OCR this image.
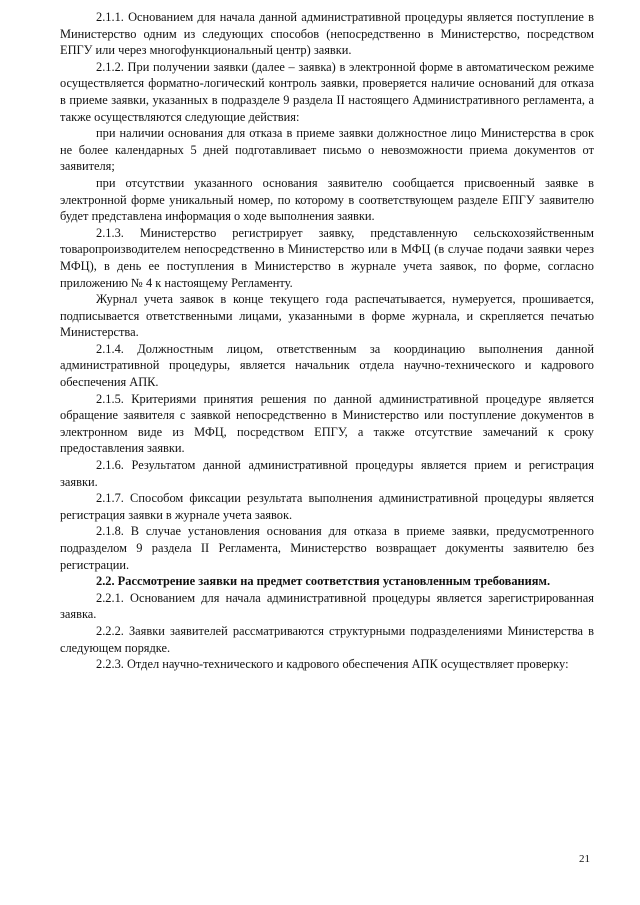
2.1.1. Основанием для начала данной административной процедуры является поступление в Министерство одним из следующих способов (непосредственно в Министерство, посредством ЕПГУ или через многофункциональный центр) заявки.

2.1.2. При получении заявки (далее – заявка) в электронной форме в автоматическом режиме осуществляется форматно-логический контроль заявки, проверяется наличие оснований для отказа в приеме заявки, указанных в подразделе 9 раздела II настоящего Административного регламента, а также осуществляются следующие действия:

при наличии основания для отказа в приеме заявки должностное лицо Министерства в срок не более календарных 5 дней подготавливает письмо о невозможности приема документов от заявителя;

при отсутствии указанного основания заявителю сообщается присвоенный заявке в электронной форме уникальный номер, по которому в соответствующем разделе ЕПГУ заявителю будет представлена информация о ходе выполнения заявки.

2.1.3. Министерство регистрирует заявку, представленную сельскохозяйственным товаропроизводителем непосредственно в Министерство или в МФЦ (в случае подачи заявки через МФЦ), в день ее поступления в Министерство в журнале учета заявок, по форме, согласно приложению № 4 к настоящему Регламенту.

Журнал учета заявок в конце текущего года распечатывается, нумеруется, прошивается, подписывается ответственными лицами, указанными в форме журнала, и скрепляется печатью Министерства.

2.1.4. Должностным лицом, ответственным за координацию выполнения данной административной процедуры, является начальник отдела научно-технического и кадрового обеспечения АПК.

2.1.5. Критериями принятия решения по данной административной процедуре является обращение заявителя с заявкой непосредственно в Министерство или поступление документов в электронном виде из МФЦ, посредством ЕПГУ, а также отсутствие замечаний к сроку предоставления заявки.

2.1.6. Результатом данной административной процедуры является прием и регистрация заявки.

2.1.7. Способом фиксации результата выполнения административной процедуры является регистрация заявки в журнале учета заявок.

2.1.8. В случае установления основания для отказа в приеме заявки, предусмотренного подразделом 9 раздела II Регламента, Министерство возвращает документы заявителю без регистрации.

2.2. Рассмотрение заявки на предмет соответствия установленным требованиям.

2.2.1. Основанием для начала административной процедуры является зарегистрированная заявка.

2.2.2. Заявки заявителей рассматриваются структурными подразделениями Министерства в следующем порядке.

2.2.3. Отдел научно-технического и кадрового обеспечения АПК осуществляет проверку:

21
